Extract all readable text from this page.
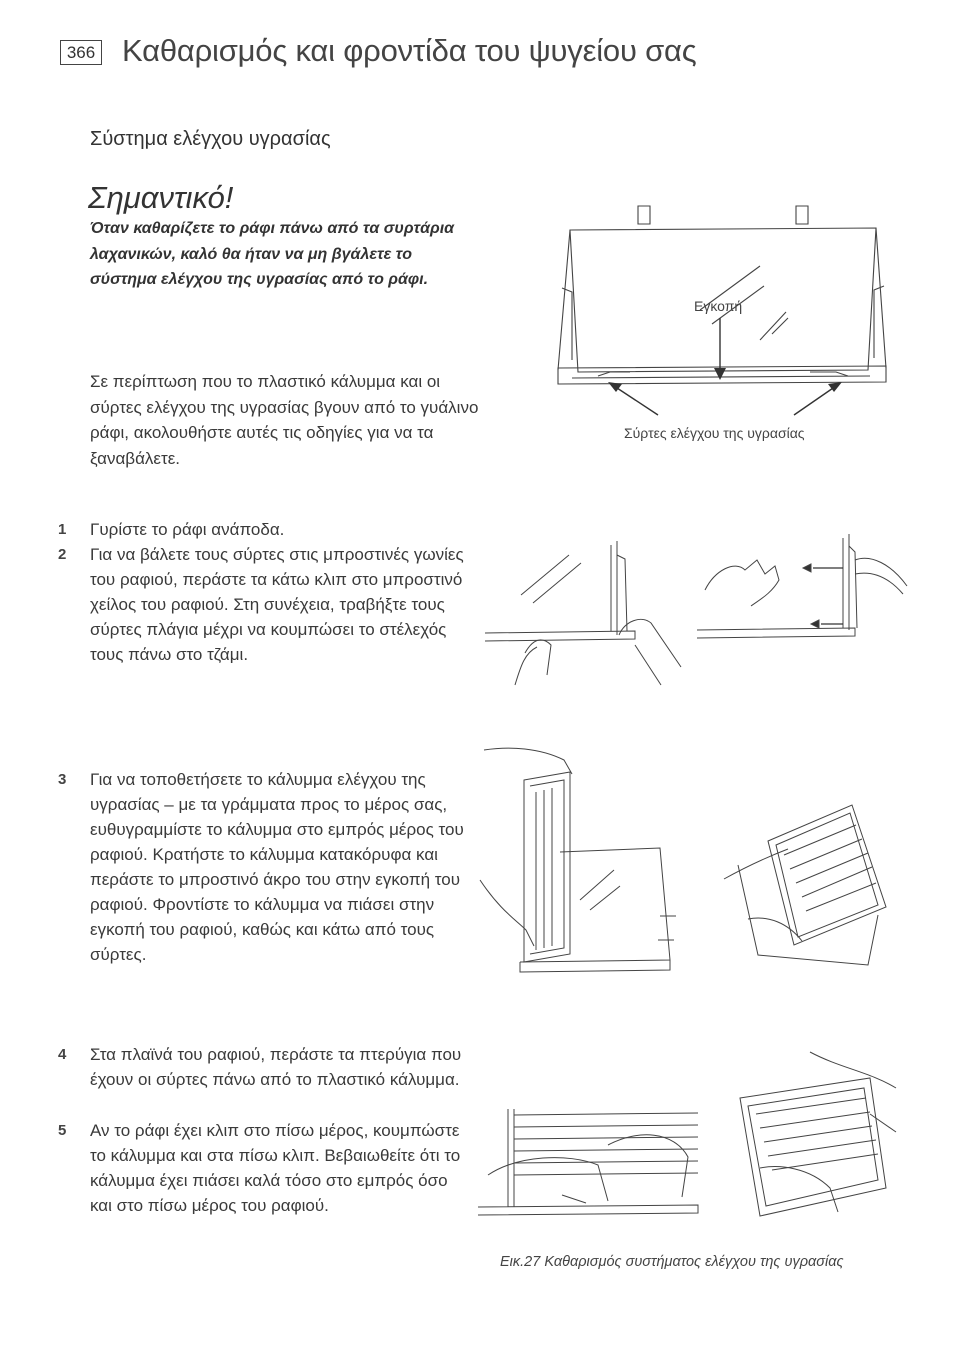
366 Καθαρισμός και φροντίδα του ψυγείου σας
Σύστημα ελέγχου υγρασίας
Σημαντικό!
Όταν καθαρίζετε το ράφι πάνω από τα συρτάρια λαχανικών, καλό θα ήταν να μη βγάλετε το σύστημα ελέγχου της υγρασίας από το ράφι.
Σε περίπτωση που το πλαστικό κάλυμμα και οι σύρτες ελέγχου της υγρασίας βγουν από το γυάλινο ράφι, ακολουθήστε αυτές τις οδηγίες για να τα ξαναβάλετε.
1	Γυρίστε το ράφι ανάποδα.
2	Για να βάλετε τους σύρτες στις μπροστινές γωνίες του ραφιού, περάστε τα κάτω κλιπ στο μπροστινό χείλος του ραφιού. Στη συνέχεια, τραβήξτε τους σύρτες πλάγια μέχρι να κουμπώσει το στέλεχός τους πάνω στο τζάμι.
3	Για να τοποθετήσετε το κάλυμμα ελέγχου της υγρασίας – με τα γράμματα προς το μέρος σας, ευθυγραμμίστε το κάλυμμα στο εμπρός μέρος του ραφιού. Κρατήστε το κάλυμμα κατακόρυφα και περάστε το μπροστινό άκρο του στην εγκοπή του ραφιού. Φροντίστε το κάλυμμα να πιάσει στην εγκοπή του ραφιού, καθώς και κάτω από τους σύρτες.
4	Στα πλαϊνά του ραφιού, περάστε τα πτερύγια που έχουν οι σύρτες πάνω από το πλαστικό κάλυμμα.
5	Αν το ράφι έχει κλιπ στο πίσω μέρος, κουμπώστε το κάλυμμα και στα πίσω κλιπ. Βεβαιωθείτε ότι το κάλυμμα έχει πιάσει καλά τόσο στο εμπρός όσο και στο πίσω μέρος του ραφιού.
Εγκοπή
Σύρτες ελέγχου της υγρασίας
Εικ.27 Καθαρισμός συστήματος ελέγχου της υγρασίας
